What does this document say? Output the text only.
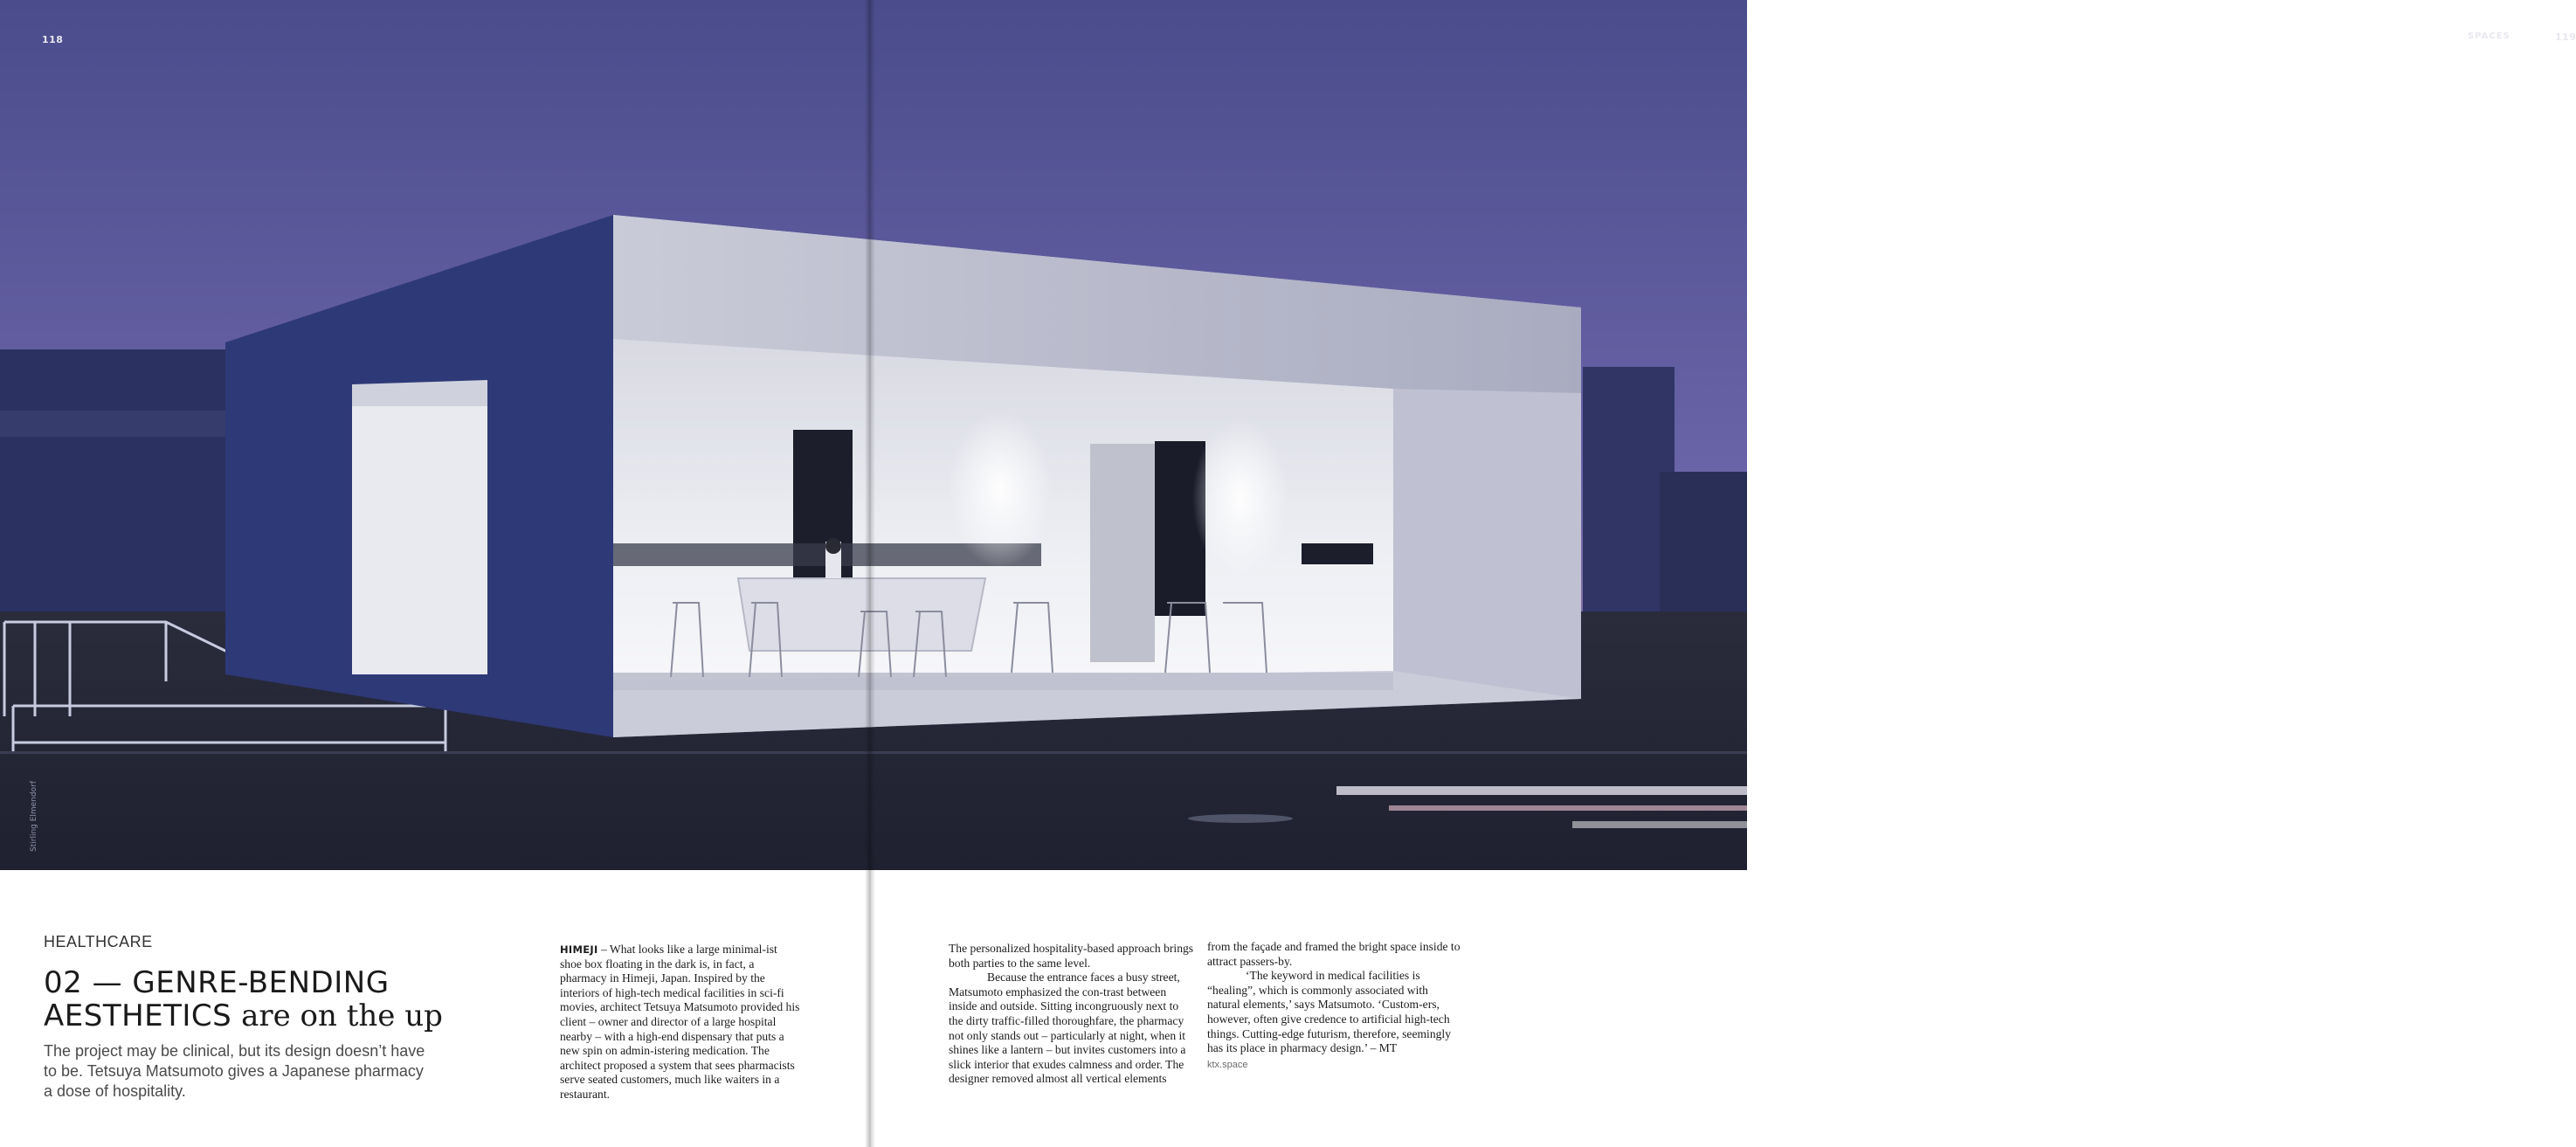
118
Stirling Elmendorf
HEALTHCARE
02 — GENRE-BENDING AESTHETICS are on the up
The project may be clinical, but its design doesn’t have to be. Tetsuya Matsumoto gives a Japanese pharmacy a dose of hospitality.

HIMEJI – What looks like a large minimal-ist shoe box floating in the dark is, in fact, a pharmacy in Himeji, Japan. Inspired by the interiors of high-tech medical facilities in sci-fi movies, architect Tetsuya Matsumoto provided his client – owner and director of a large hospital nearby – with a high-end dispensary that puts a new spin on admin-istering medication. The architect proposed a system that sees pharmacists serve seated customers, much like waiters in a restaurant.

SPACES	119

The personalized hospitality-based approach brings both parties to the same level.

Because the entrance faces a busy street, Matsumoto emphasized the con-trast between inside and outside. Sitting incongruously next to the dirty traffic-filled thoroughfare, the pharmacy not only stands out – particularly at night, when it shines like a lantern – but invites customers into a slick interior that exudes calmness and order. The designer removed almost all vertical elements

from the façade and framed the bright space inside to attract passers-by.

‘The keyword in medical facilities is “healing”, which is commonly associated with natural elements,’ says Matsumoto. ‘Custom-ers, however, often give credence to artificial high-tech things. Cutting-edge futurism, therefore, seemingly has its place in pharmacy design.’ – MT

ktx.space
